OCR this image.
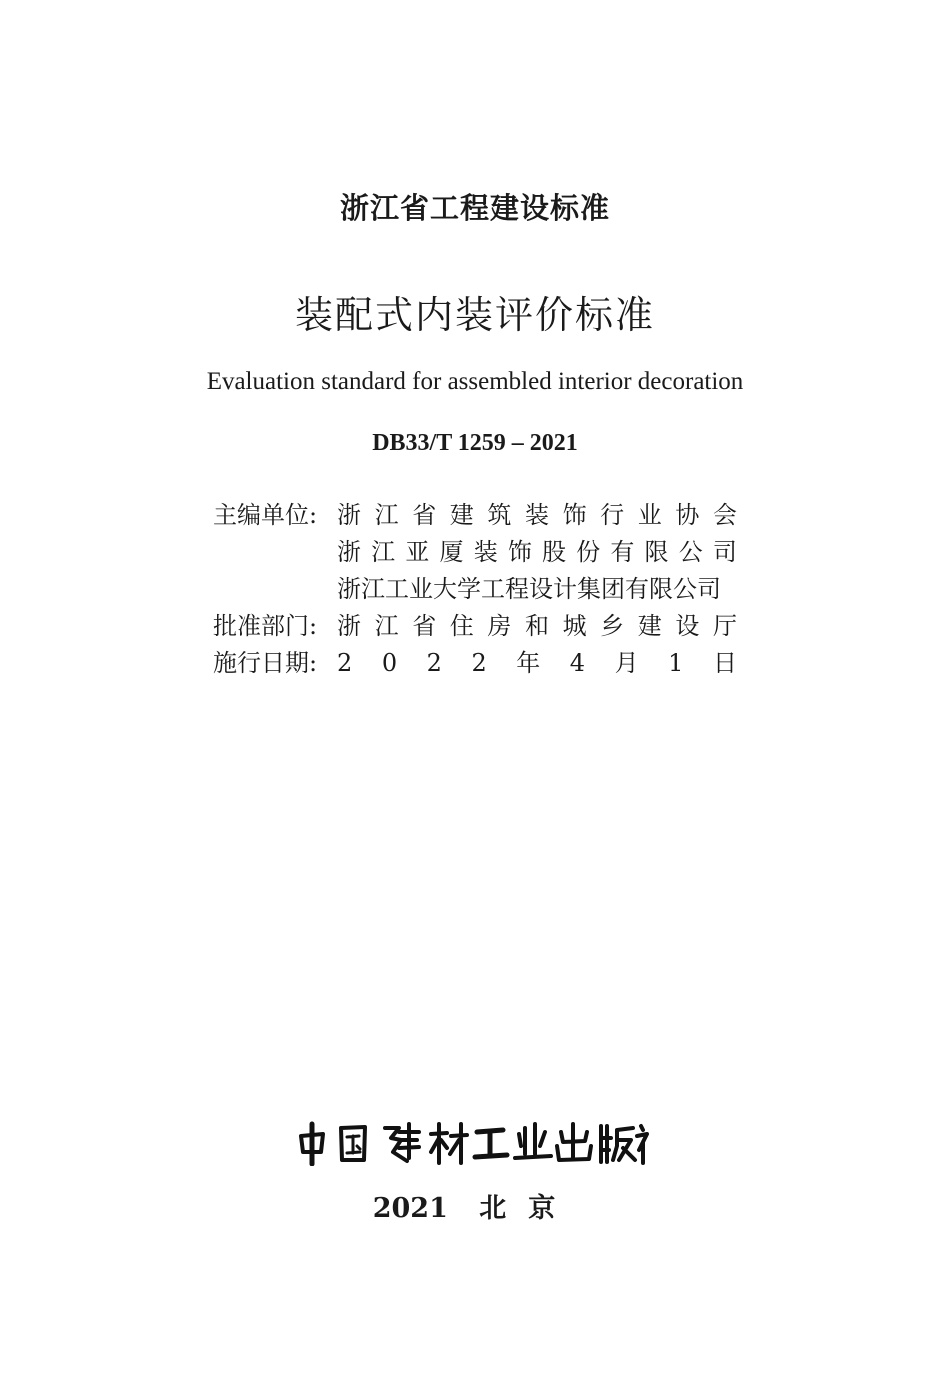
浙江省工程建设标准
装配式内装评价标准
Evaluation standard for assembled interior decoration
DB33/T 1259 – 2021
主编单位: 浙 江 省 建 筑 装 饰 行 业 协 会
浙 江 亚 厦 装 饰 股 份 有 限 公 司
浙江工业大学工程设计集团有限公司
批准部门: 浙 江 省 住 房 和 城 乡 建 设 厅
施行日期: 2 0 2 2 年 4 月 1 日
2021 北京
